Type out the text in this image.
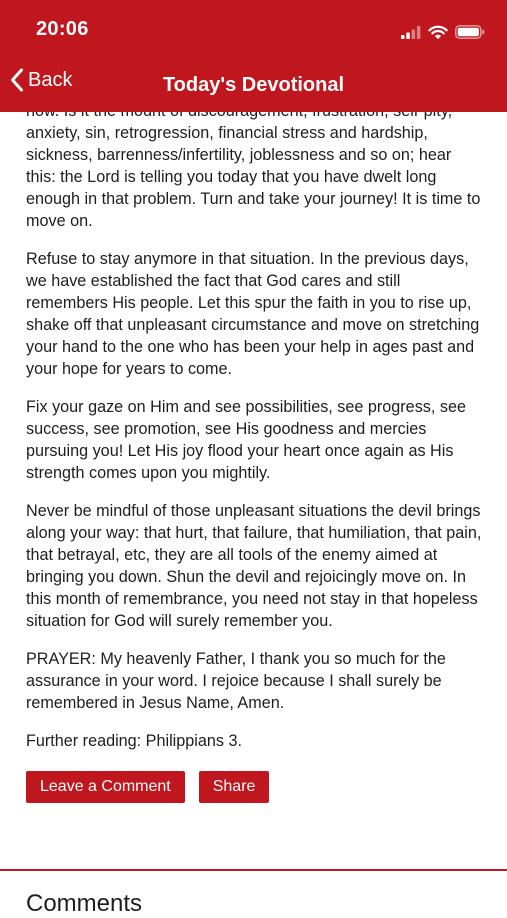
20:06
Back	Today's Devotional

anxiety, sin, retrogression, financial stress and hardship, sickness, barrenness/infertility, joblessness and so on; hear this: the Lord is telling you today that you have dwelt long enough in that problem. Turn and take your journey! It is time to move on.

Refuse to stay anymore in that situation. In the previous days, we have established the fact that God cares and still remembers His people. Let this spur the faith in you to rise up, shake off that unpleasant circumstance and move on stretching your hand to the one who has been your help in ages past and your hope for years to come.

Fix your gaze on Him and see possibilities, see progress, see success, see promotion, see His goodness and mercies pursuing you! Let His joy flood your heart once again as His strength comes upon you mightily.

Never be mindful of those unpleasant situations the devil brings along your way: that hurt, that failure, that humiliation, that pain, that betrayal, etc, they are all tools of the enemy aimed at bringing you down. Shun the devil and rejoicingly move on. In this month of remembrance, you need not stay in that hopeless situation for God will surely remember you.

PRAYER: My heavenly Father, I thank you so much for the assurance in your word. I rejoice because I shall surely be remembered in Jesus Name, Amen.

Further reading: Philippians 3.

Leave a Comment	Share
Comments
